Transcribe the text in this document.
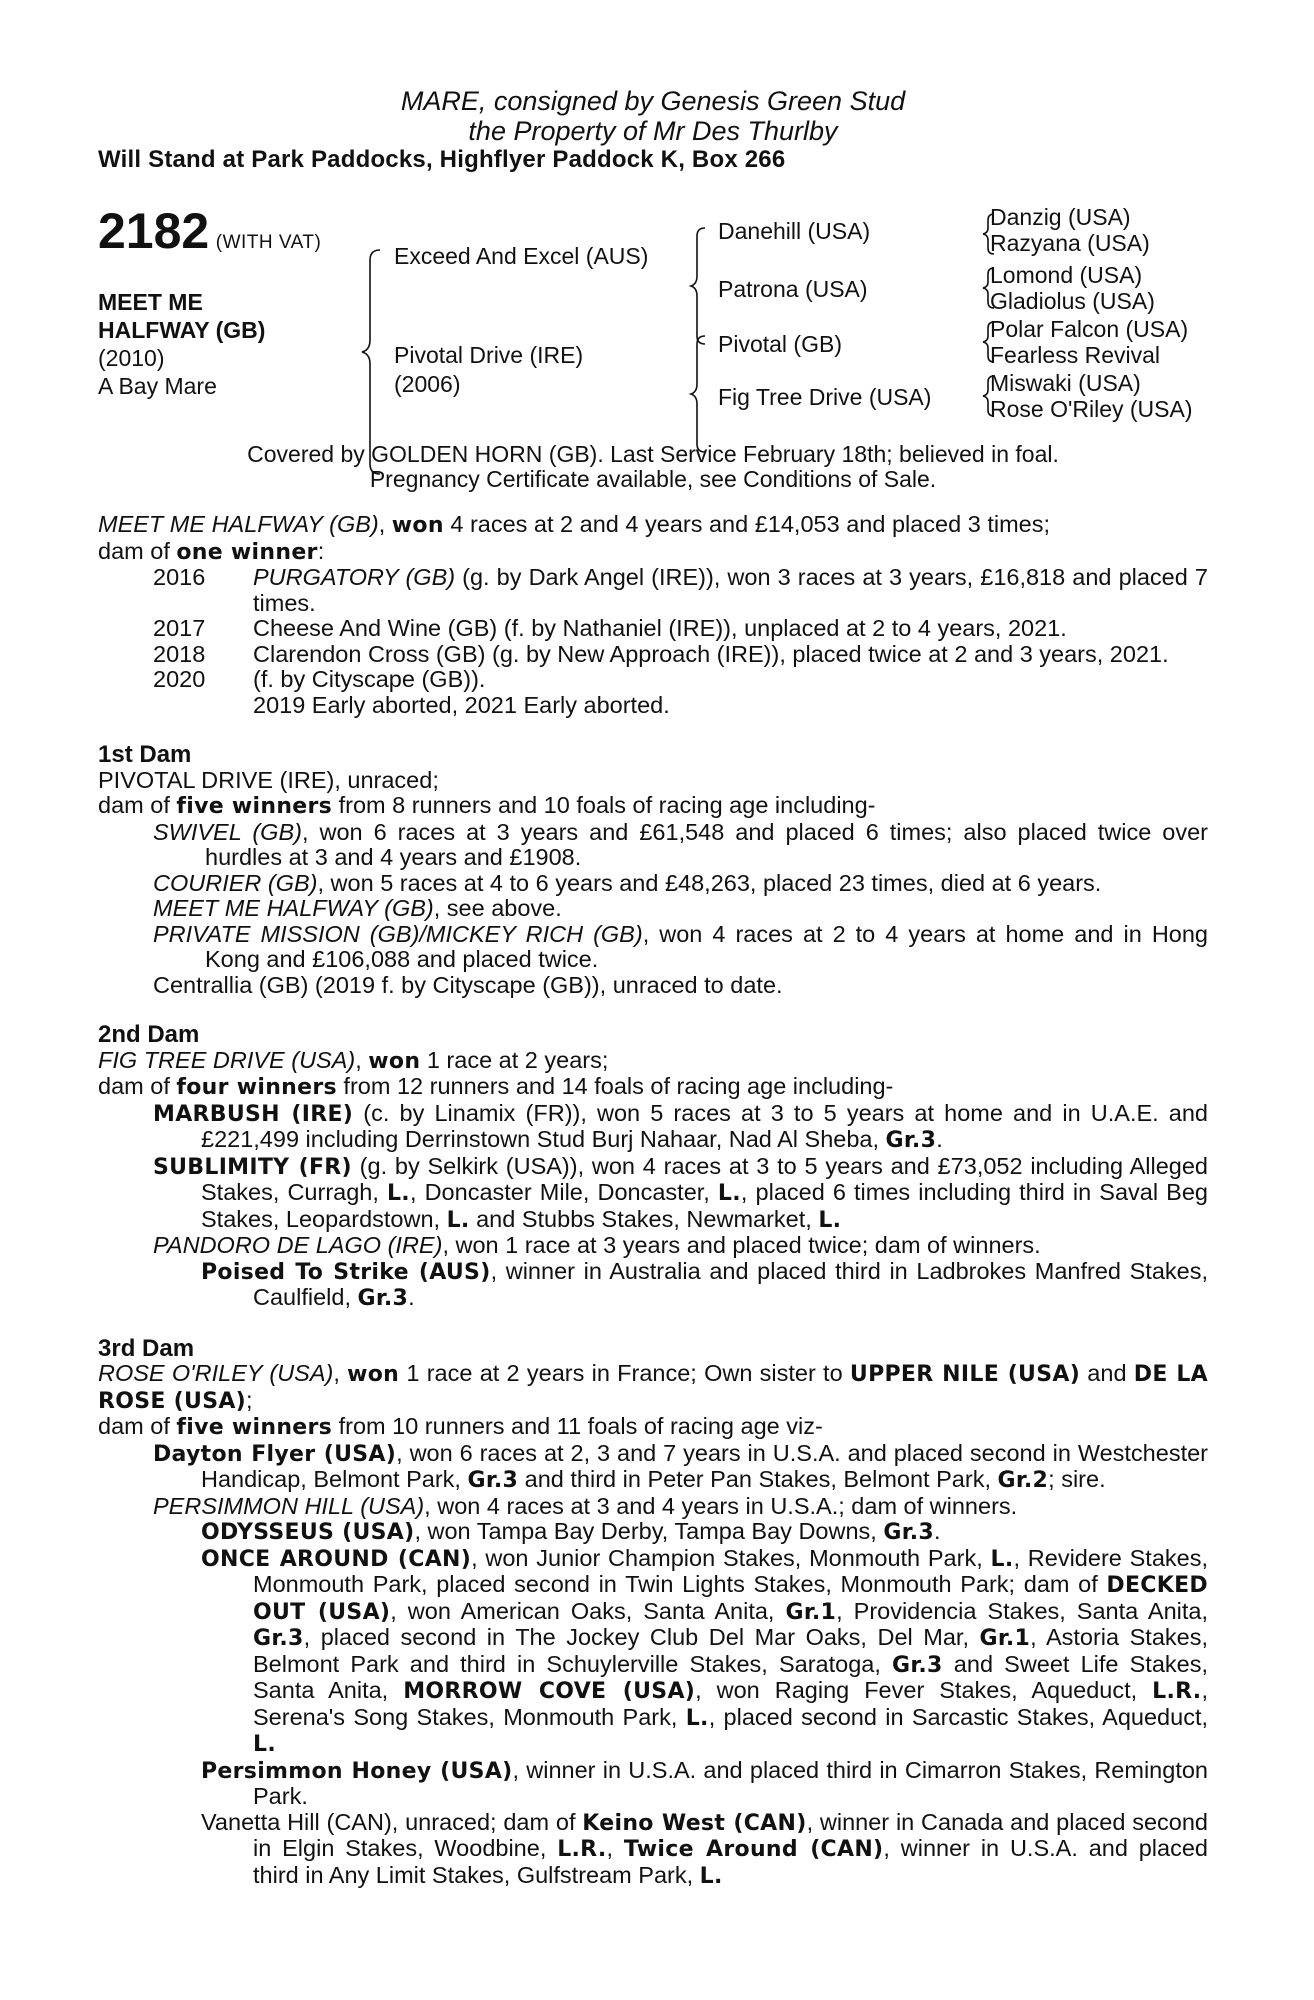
MARE, consigned by Genesis Green Stud
the Property of Mr Des Thurlby
Will Stand at Park Paddocks, Highflyer Paddock K, Box 266
2182 (WITH VAT)
MEET ME
HALFWAY (GB)
(2010)
A Bay Mare
Exceed And Excel (AUS)
Pivotal Drive (IRE)
(2006)
Danehill (USA)
Patrona (USA)
Pivotal (GB)
Fig Tree Drive (USA)
Danzig (USA)
Razyana (USA)
Lomond (USA)
Gladiolus (USA)
Polar Falcon (USA)
Fearless Revival
Miswaki (USA)
Rose O'Riley (USA)
Covered by GOLDEN HORN (GB). Last Service February 18th; believed in foal.
Pregnancy Certificate available, see Conditions of Sale.
MEET ME HALFWAY (GB), won 4 races at 2 and 4 years and £14,053 and placed 3 times;
dam of one winner:
2016	PURGATORY (GB) (g. by Dark Angel (IRE)), won 3 races at 3 years, £16,818 and placed 7 times.
2017	Cheese And Wine (GB) (f. by Nathaniel (IRE)), unplaced at 2 to 4 years, 2021.
2018	Clarendon Cross (GB) (g. by New Approach (IRE)), placed twice at 2 and 3 years, 2021.
2020	(f. by Cityscape (GB)).
2019 Early aborted, 2021 Early aborted.
1st Dam
PIVOTAL DRIVE (IRE), unraced;
dam of five winners from 8 runners and 10 foals of racing age including-
SWIVEL (GB), won 6 races at 3 years and £61,548 and placed 6 times; also placed twice over hurdles at 3 and 4 years and £1908.
COURIER (GB), won 5 races at 4 to 6 years and £48,263, placed 23 times, died at 6 years.
MEET ME HALFWAY (GB), see above.
PRIVATE MISSION (GB)/MICKEY RICH (GB), won 4 races at 2 to 4 years at home and in Hong Kong and £106,088 and placed twice.
Centrallia (GB) (2019 f. by Cityscape (GB)), unraced to date.
2nd Dam
FIG TREE DRIVE (USA), won 1 race at 2 years;
dam of four winners from 12 runners and 14 foals of racing age including-
MARBUSH (IRE) (c. by Linamix (FR)), won 5 races at 3 to 5 years at home and in U.A.E. and £221,499 including Derrinstown Stud Burj Nahaar, Nad Al Sheba, Gr.3.
SUBLIMITY (FR) (g. by Selkirk (USA)), won 4 races at 3 to 5 years and £73,052 including Alleged Stakes, Curragh, L., Doncaster Mile, Doncaster, L., placed 6 times including third in Saval Beg Stakes, Leopardstown, L. and Stubbs Stakes, Newmarket, L.
PANDORO DE LAGO (IRE), won 1 race at 3 years and placed twice; dam of winners.
Poised To Strike (AUS), winner in Australia and placed third in Ladbrokes Manfred Stakes, Caulfield, Gr.3.
3rd Dam
ROSE O'RILEY (USA), won 1 race at 2 years in France; Own sister to UPPER NILE (USA) and DE LA ROSE (USA);
dam of five winners from 10 runners and 11 foals of racing age viz-
Dayton Flyer (USA), won 6 races at 2, 3 and 7 years in U.S.A. and placed second in Westchester Handicap, Belmont Park, Gr.3 and third in Peter Pan Stakes, Belmont Park, Gr.2; sire.
PERSIMMON HILL (USA), won 4 races at 3 and 4 years in U.S.A.; dam of winners.
ODYSSEUS (USA), won Tampa Bay Derby, Tampa Bay Downs, Gr.3.
ONCE AROUND (CAN), won Junior Champion Stakes, Monmouth Park, L., Revidere Stakes, Monmouth Park, placed second in Twin Lights Stakes, Monmouth Park; dam of DECKED OUT (USA), won American Oaks, Santa Anita, Gr.1, Providencia Stakes, Santa Anita, Gr.3, placed second in The Jockey Club Del Mar Oaks, Del Mar, Gr.1, Astoria Stakes, Belmont Park and third in Schuylerville Stakes, Saratoga, Gr.3 and Sweet Life Stakes, Santa Anita, MORROW COVE (USA), won Raging Fever Stakes, Aqueduct, L.R., Serena's Song Stakes, Monmouth Park, L., placed second in Sarcastic Stakes, Aqueduct, L.
Persimmon Honey (USA), winner in U.S.A. and placed third in Cimarron Stakes, Remington Park.
Vanetta Hill (CAN), unraced; dam of Keino West (CAN), winner in Canada and placed second in Elgin Stakes, Woodbine, L.R., Twice Around (CAN), winner in U.S.A. and placed third in Any Limit Stakes, Gulfstream Park, L.
